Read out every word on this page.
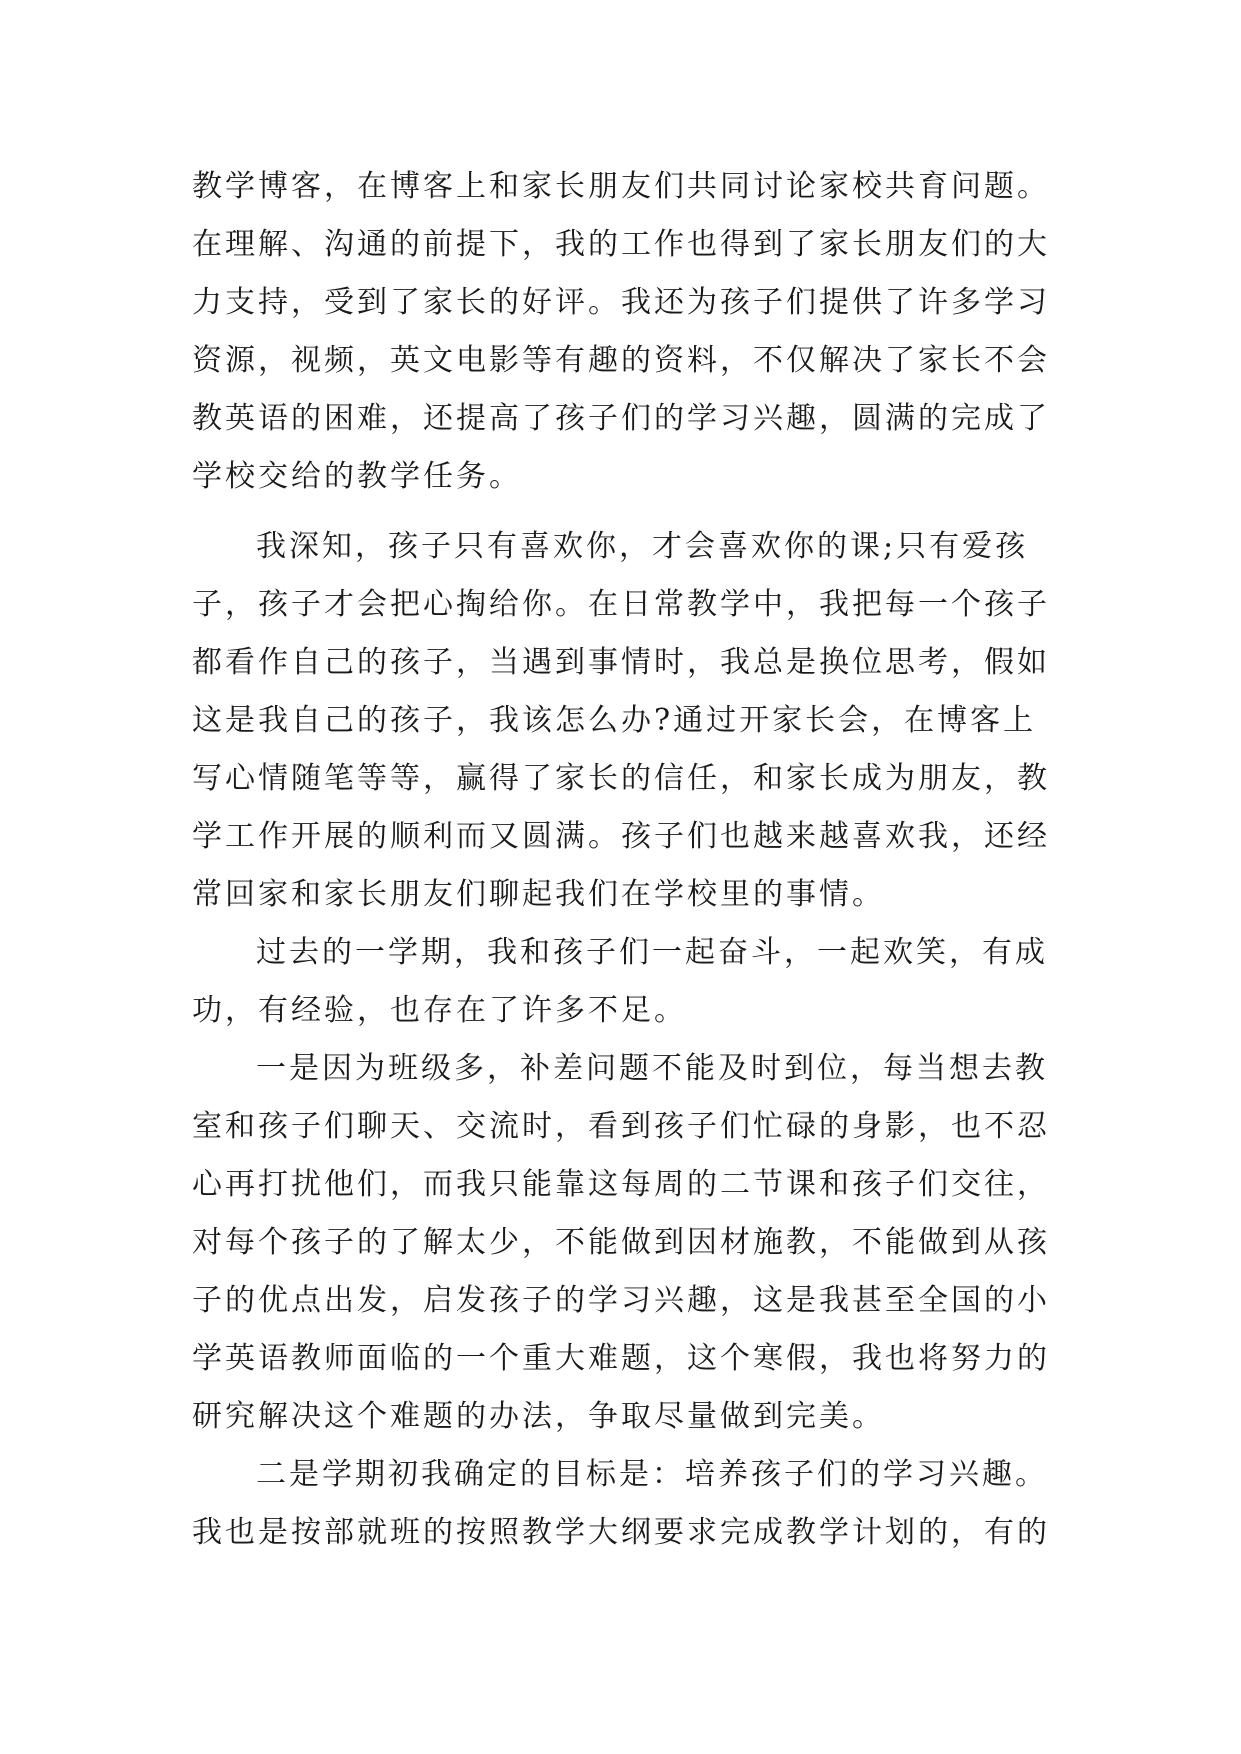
教学博客，在博客上和家长朋友们共同讨论家校共育问题。
在理解、沟通的前提下，我的工作也得到了家长朋友们的大
力支持，受到了家长的好评。我还为孩子们提供了许多学习
资源，视频，英文电影等有趣的资料，不仅解决了家长不会
教英语的困难，还提高了孩子们的学习兴趣，圆满的完成了
学校交给的教学任务。
我深知，孩子只有喜欢你，才会喜欢你的课;只有爱孩
子，孩子才会把心掏给你。在日常教学中，我把每一个孩子
都看作自己的孩子，当遇到事情时，我总是换位思考，假如
这是我自己的孩子，我该怎么办?通过开家长会，在博客上
写心情随笔等等，赢得了家长的信任，和家长成为朋友，教
学工作开展的顺利而又圆满。孩子们也越来越喜欢我，还经
常回家和家长朋友们聊起我们在学校里的事情。
过去的一学期，我和孩子们一起奋斗，一起欢笑，有成
功，有经验，也存在了许多不足。
一是因为班级多，补差问题不能及时到位，每当想去教
室和孩子们聊天、交流时，看到孩子们忙碌的身影，也不忍
心再打扰他们，而我只能靠这每周的二节课和孩子们交往，
对每个孩子的了解太少，不能做到因材施教，不能做到从孩
子的优点出发，启发孩子的学习兴趣，这是我甚至全国的小
学英语教师面临的一个重大难题，这个寒假，我也将努力的
研究解决这个难题的办法，争取尽量做到完美。
二是学期初我确定的目标是：培养孩子们的学习兴趣。
我也是按部就班的按照教学大纲要求完成教学计划的，有的
